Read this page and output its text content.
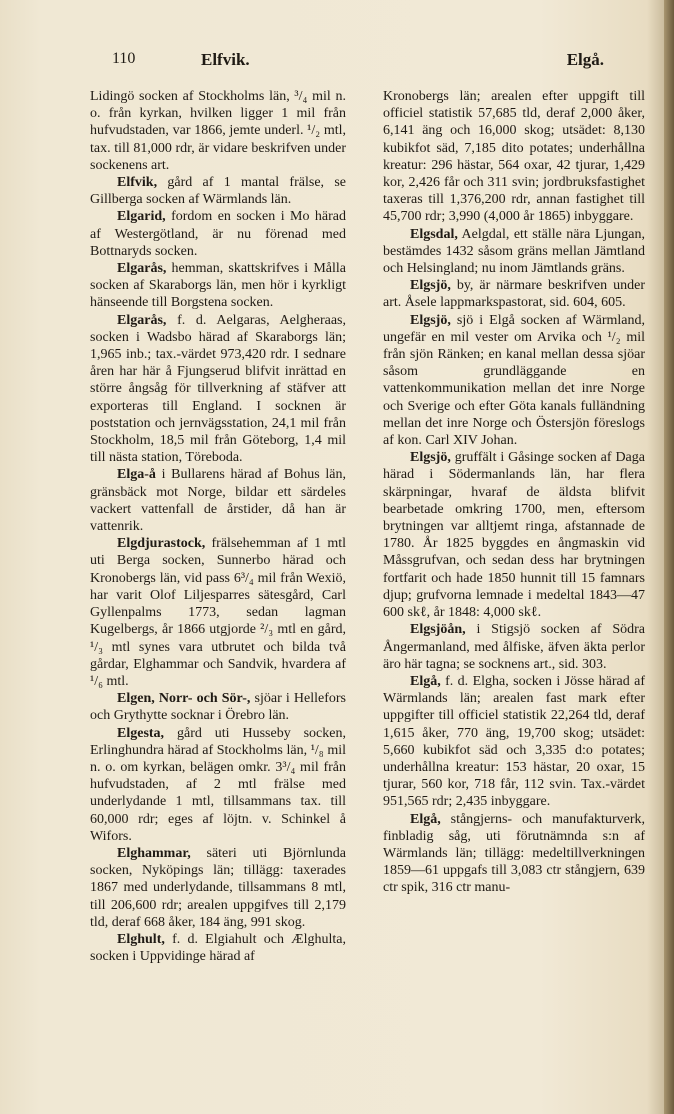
110	Elfvik.	Elgå.

Lidingö socken af Stockholms län, ³/₄ mil n. o. från kyrkan, hvilken ligger 1 mil från hufvudstaden, var 1866, jemte underl. ¹/₂ mtl, tax. till 81,000 rdr, är vidare beskrifven under sockenens art.

Elfvik, gård af 1 mantal frälse, se Gillberga socken af Wärmlands län.

Elgarid, fordom en socken i Mo härad af Westergötland, är nu förenad med Bottnaryds socken.

Elgarås, hemman, skattskrifves i Målla socken af Skaraborgs län, men hör i kyrkligt hänseende till Borgstena socken.

Elgarås, f. d. Aelgaras, Aelgheraas, socken i Wadsbo härad af Skaraborgs län; 1,965 inb.; tax.-värdet 973,420 rdr. I sednare åren har här å Fjungserud blifvit inrättad en större ångsåg för tillverkning af stäfver att exporteras till England. I socknen är poststation och jernvägsstation, 24,1 mil från Stockholm, 18,5 mil från Göteborg, 1,4 mil till nästa station, Töreboda.

Elga-å i Bullarens härad af Bohus län, gränsbäck mot Norge, bildar ett särdeles vackert vattenfall de årstider, då han är vattenrik.

Elgdjurastock, frälsehemman af 1 mtl uti Berga socken, Sunnerbo härad och Kronobergs län, vid pass 6³/₄ mil från Wexiö, har varit Olof Liljesparres sätesgård, Carl Gyllenpalms 1773, sedan lagman Kugelbergs, år 1866 utgjorde ²/₃ mtl en gård, ¹/₃ mtl synes vara utbrutet och bilda två gårdar, Elghammar och Sandvik, hvardera af ¹/₆ mtl.

Elgen, Norr- och Sör-, sjöar i Hellefors och Grythytte socknar i Örebro län.

Elgesta, gård uti Husseby socken, Erlinghundra härad af Stockholms län, ¹/₈ mil n. o. om kyrkan, belägen omkr. 3³/₄ mil från hufvudstaden, af 2 mtl frälse med underlydande 1 mtl, tillsammans tax. till 60,000 rdr; eges af löjtn. v. Schinkel å Wifors.

Elghammar, säteri uti Björnlunda socken, Nyköpings län; tillägg: taxerades 1867 med underlydande, tillsammans 8 mtl, till 206,600 rdr; arealen uppgifves till 2,179 tld, deraf 668 åker, 184 äng, 991 skog.

Elghult, f. d. Elgiahult och Ælghulta, socken i Uppvidinge härad af

Kronobergs län; arealen efter uppgift till officiel statistik 57,685 tld, deraf 2,000 åker, 6,141 äng och 16,000 skog; utsädet: 8,130 kubikfot säd, 7,185 dito potates; underhållna kreatur: 296 hästar, 564 oxar, 42 tjurar, 1,429 kor, 2,426 får och 311 svin; jordbruksfastighet taxeras till 1,376,200 rdr, annan fastighet till 45,700 rdr; 3,990 (4,000 år 1865) inbyggare.

Elgsdal, Aelgdal, ett ställe nära Ljungan, bestämdes 1432 såsom gräns mellan Jämtland och Helsingland; nu inom Jämtlands gräns.

Elgsjö, by, är närmare beskrifven under art. Åsele lappmarkspastorat, sid. 604, 605.

Elgsjö, sjö i Elgå socken af Wärmland, ungefär en mil vester om Arvika och ¹/₂ mil från sjön Ränken; en kanal mellan dessa sjöar såsom grundläggande en vattenkommunikation mellan det inre Norge och Sverige och efter Göta kanals fulländning mellan det inre Norge och Östersjön föreslogs af kon. Carl XIV Johan.

Elgsjö, gruffält i Gåsinge socken af Daga härad i Södermanlands län, har flera skärpningar, hvaraf de äldsta blifvit bearbetade omkring 1700, men, eftersom brytningen var alltjemt ringa, afstannade de 1780. År 1825 byggdes en ångmaskin vid Måssgrufvan, och sedan dess har brytningen fortfarit och hade 1850 hunnit till 15 famnars djup; grufvorna lemnade i medeltal 1843—47 600 skℓ, år 1848: 4,000 skℓ.

Elgsjöån, i Stigsjö socken af Södra Ångermanland, med ålfiske, äfven äkta perlor äro här tagna; se socknens art., sid. 303.

Elgå, f. d. Elgha, socken i Jösse härad af Wärmlands län; arealen fast mark efter uppgifter till officiel statistik 22,264 tld, deraf 1,615 åker, 770 äng, 19,700 skog; utsädet: 5,660 kubikfot säd och 3,335 d:o potates; underhållna kreatur: 153 hästar, 20 oxar, 15 tjurar, 560 kor, 718 får, 112 svin. Tax.-värdet 951,565 rdr; 2,435 inbyggare.

Elgå, stångjerns- och manufakturverk, finbladig såg, uti förutnämnda s:n af Wärmlands län; tillägg: medeltillverkningen 1859—61 uppgafs till 3,083 ctr stångjern, 639 ctr spik, 316 ctr manu-
